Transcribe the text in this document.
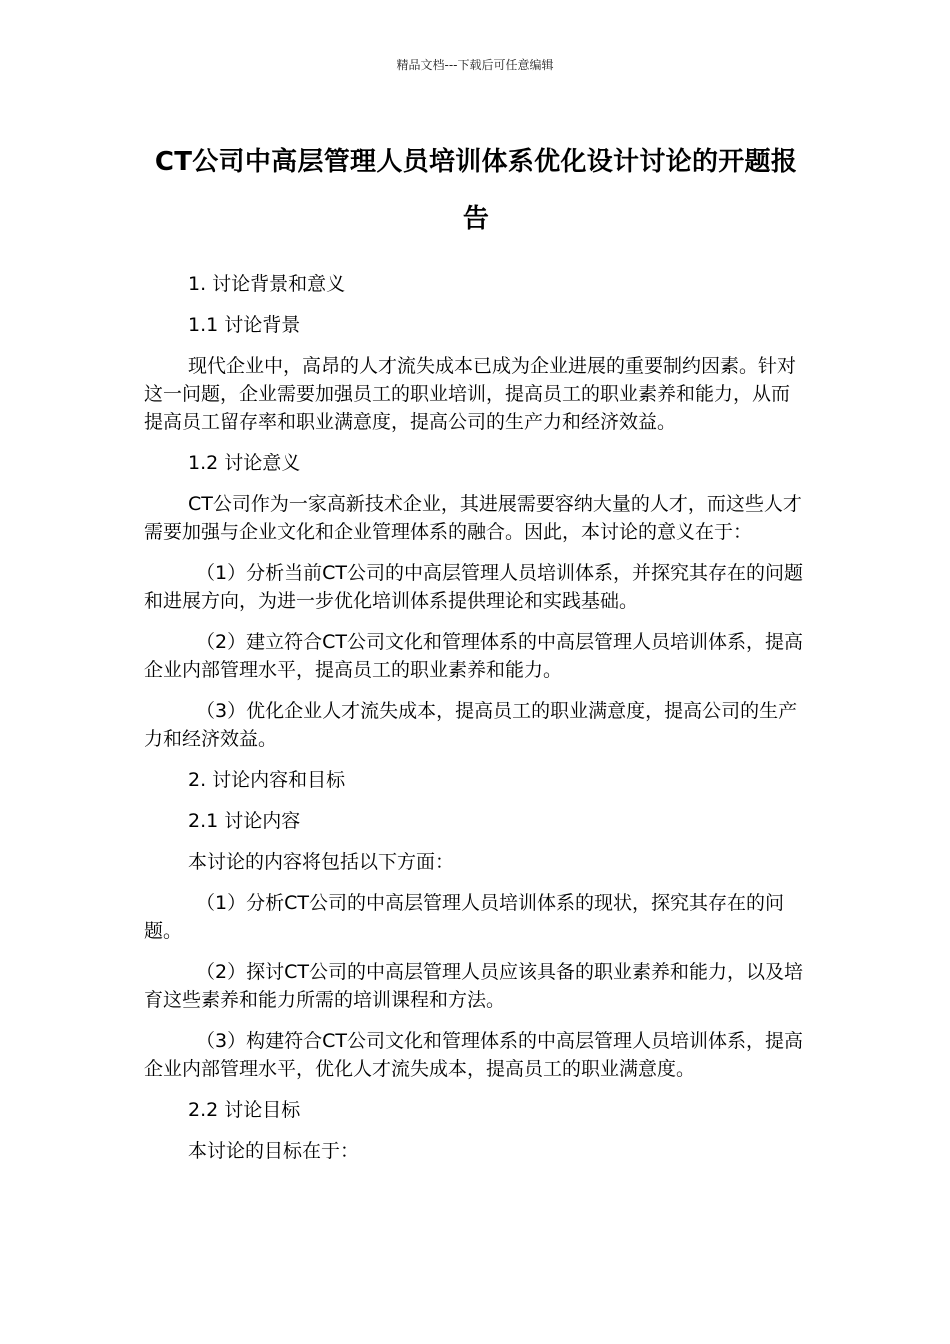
精品文档---下载后可任意编辑
CT公司中高层管理人员培训体系优化设计讨论的开题报告

1. 讨论背景和意义

1.1 讨论背景

现代企业中，高昂的人才流失成本已成为企业进展的重要制约因素。针对这一问题，企业需要加强员工的职业培训，提高员工的职业素养和能力，从而提高员工留存率和职业满意度，提高公司的生产力和经济效益。

1.2 讨论意义

CT公司作为一家高新技术企业，其进展需要容纳大量的人才，而这些人才需要加强与企业文化和企业管理体系的融合。因此，本讨论的意义在于：

（1）分析当前CT公司的中高层管理人员培训体系，并探究其存在的问题和进展方向，为进一步优化培训体系提供理论和实践基础。

（2）建立符合CT公司文化和管理体系的中高层管理人员培训体系，提高企业内部管理水平，提高员工的职业素养和能力。

（3）优化企业人才流失成本，提高员工的职业满意度，提高公司的生产力和经济效益。

2. 讨论内容和目标

2.1 讨论内容

本讨论的内容将包括以下方面：

（1）分析CT公司的中高层管理人员培训体系的现状，探究其存在的问题。

（2）探讨CT公司的中高层管理人员应该具备的职业素养和能力，以及培育这些素养和能力所需的培训课程和方法。

（3）构建符合CT公司文化和管理体系的中高层管理人员培训体系，提高企业内部管理水平，优化人才流失成本，提高员工的职业满意度。

2.2 讨论目标

本讨论的目标在于：
